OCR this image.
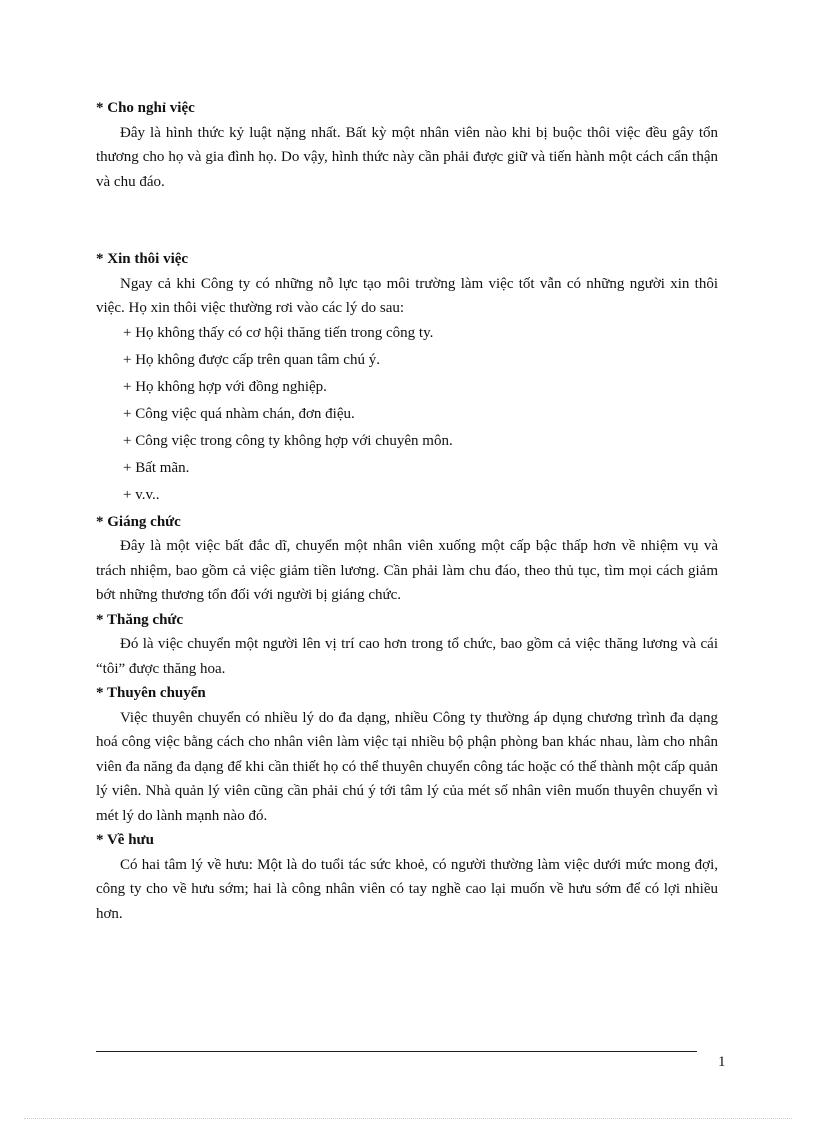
* Cho nghỉ việc

Đây là hình thức kỷ luật nặng nhất. Bất kỳ một nhân viên nào khi bị buộc thôi việc đều gây tổn thương cho họ và gia đình họ. Do vậy, hình thức này cần phải được giữ và tiến hành một cách cẩn thận và chu đáo.

* Xin thôi việc

Ngay cả khi Công ty có những nỗ lực tạo môi trường làm việc tốt vẫn có những người xin thôi việc. Họ xin thôi việc thường rơi vào các lý do sau:

+ Họ không thấy có cơ hội thăng tiến trong công ty.

+ Họ không được cấp trên quan tâm chú ý.

+ Họ không hợp với đồng nghiệp.

+ Công việc quá nhàm chán, đơn điệu.

+ Công việc trong công ty không hợp với chuyên môn.

+ Bất mãn.

+ v.v..

* Giáng chức

Đây là một việc bất đắc dĩ, chuyển một nhân viên xuống một cấp bậc thấp hơn về nhiệm vụ và trách nhiệm, bao gồm cả việc giảm tiền lương. Cần phải làm chu đáo, theo thủ tục, tìm mọi cách giảm bớt những thương tổn đối với người bị giáng chức.

* Thăng chức

Đó là việc chuyển một người lên vị trí cao hơn trong tổ chức, bao gồm cả việc thăng lương và cái “tôi” được thăng hoa.

* Thuyên chuyển

Việc thuyên chuyển có nhiều lý do đa dạng, nhiều Công ty thường áp dụng chương trình đa dạng hoá công việc bằng cách cho nhân viên làm việc tại nhiều bộ phận phòng ban khác nhau, làm cho nhân viên đa năng đa dạng để khi cần thiết họ có thể thuyên chuyển công tác hoặc có thể thành một cấp quản lý viên. Nhà quản lý viên cũng cần phải chú ý tới tâm lý của mét số nhân viên muốn thuyên chuyển vì mét lý do lành mạnh nào đó.

* Về hưu

Có hai tâm lý về hưu: Một là do tuổi tác sức khoẻ, có người thường làm việc dưới mức mong đợi, công ty cho về hưu sớm; hai là công nhân viên có tay nghề cao lại muốn về hưu sớm để có lợi nhiều hơn.

1
